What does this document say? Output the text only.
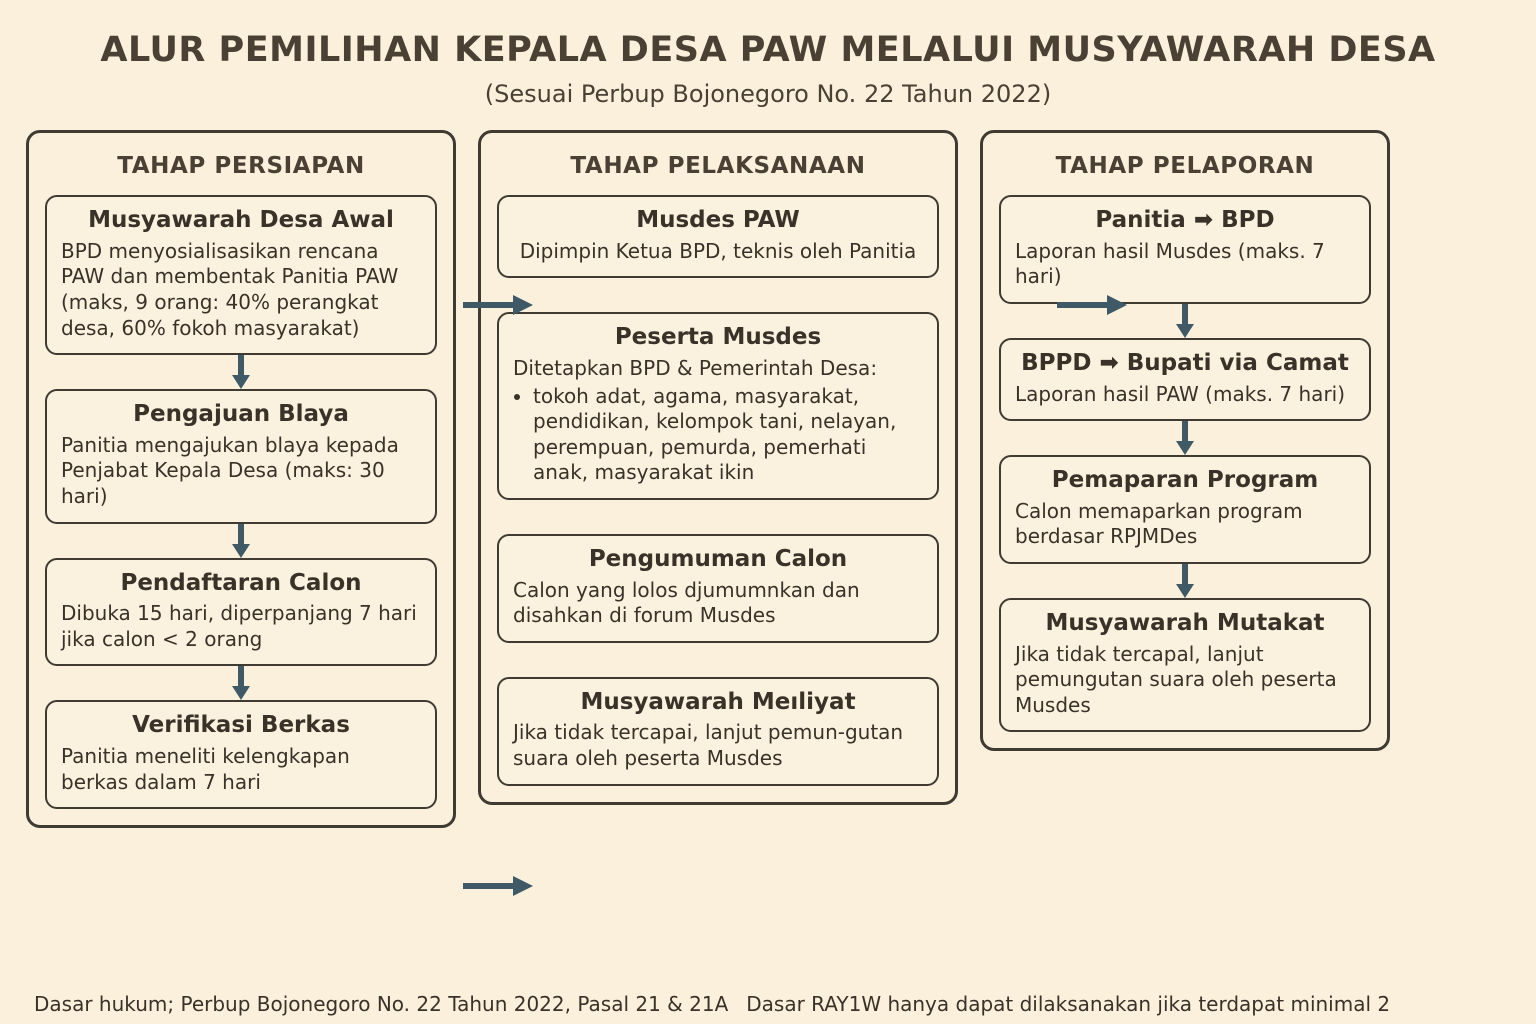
ALUR PEMILIHAN KEPALA DESA PAW MELALUI MUSYAWARAH DESA
(Sesuai Perbup Bojonegoro No. 22 Tahun 2022)
TAHAP PERSIAPAN
Musyawarah Desa Awal
BPD menyosialisasikan rencana PAW dan membentak Panitia PAW (maks, 9 orang: 40% perangkat desa, 60% fokoh masyarakat)
Pengajuan Blaya
Panitia mengajukan blaya kepada Penjabat Kepala Desa (maks: 30 hari)
Pendaftaran Calon
Dibuka 15 hari, diperpanjang 7 hari jika calon < 2 orang
Verifikasi Berkas
Panitia meneliti kelengkapan berkas dalam 7 hari
TAHAP PELAKSANAAN
Musdes PAW
Dipimpin Ketua BPD, teknis oleh Panitia
Peserta Musdes
Ditetapkan BPD & Pemerintah Desa:
• tokoh adat, agama, masyarakat, pendidikan, kelompok tani, nelayan, perempuan, pemurda, pemerhati anak, masyarakat ikin
Pengumuman Calon
Calon yang lolos djumumnkan dan disahkan di forum Musdes
Musyawarah Meıliyat
Jika tidak tercapai, lanjut pemun-gutan suara oleh peserta Musdes
TAHAP PELAPORAN
Panitia ➡ BPD
Laporan hasil Musdes (maks. 7 hari)
BPPD ➡ Bupati via Camat
Laporan hasil PAW (maks. 7 hari)
Pemaparan Program
Calon memaparkan program berdasar RPJMDes
Musyawarah Mutakat
Jika tidak tercapal, lanjut pemungutan suara oleh peserta Musdes
Dasar hukum; Perbup Bojonegoro No. 22 Tahun 2022, Pasal 21 & 21A Dasar RAY1W hanya dapat dilaksanakan jika terdapat minimal 2
